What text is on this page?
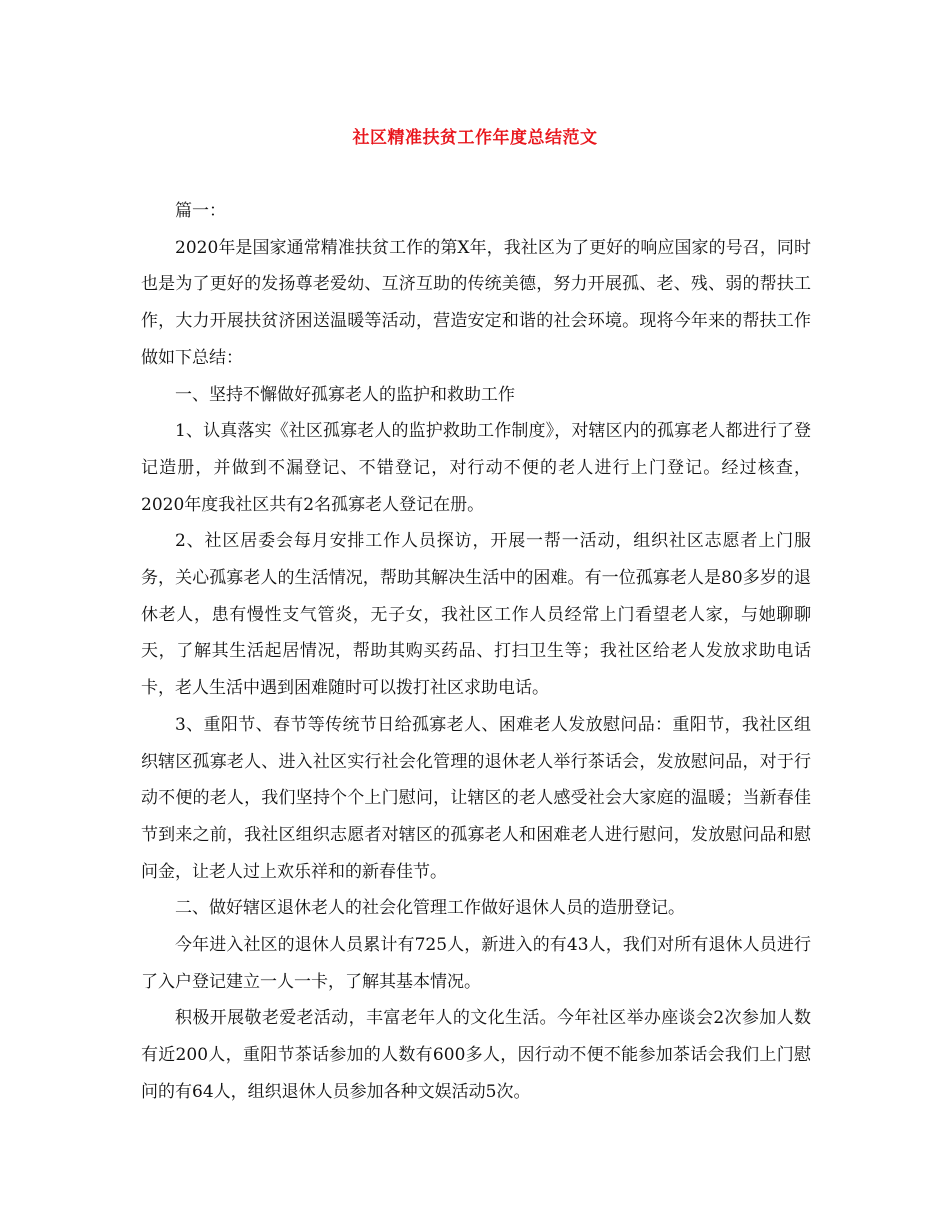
社区精准扶贫工作年度总结范文

篇一：

2020年是国家通常精准扶贫工作的第X年，我社区为了更好的响应国家的号召，同时也是为了更好的发扬尊老爱幼、互济互助的传统美德，努力开展孤、老、残、弱的帮扶工作，大力开展扶贫济困送温暖等活动，营造安定和谐的社会环境。现将今年来的帮扶工作做如下总结：

一、坚持不懈做好孤寡老人的监护和救助工作

1、认真落实《社区孤寡老人的监护救助工作制度》，对辖区内的孤寡老人都进行了登记造册，并做到不漏登记、不错登记，对行动不便的老人进行上门登记。经过核查，2020年度我社区共有2名孤寡老人登记在册。

2、社区居委会每月安排工作人员探访，开展一帮一活动，组织社区志愿者上门服务，关心孤寡老人的生活情况，帮助其解决生活中的困难。有一位孤寡老人是80多岁的退休老人，患有慢性支气管炎，无子女，我社区工作人员经常上门看望老人家，与她聊聊天，了解其生活起居情况，帮助其购买药品、打扫卫生等；我社区给老人发放求助电话卡，老人生活中遇到困难随时可以拨打社区求助电话。

3、重阳节、春节等传统节日给孤寡老人、困难老人发放慰问品：重阳节，我社区组织辖区孤寡老人、进入社区实行社会化管理的退休老人举行茶话会，发放慰问品，对于行动不便的老人，我们坚持个个上门慰问，让辖区的老人感受社会大家庭的温暖；当新春佳节到来之前，我社区组织志愿者对辖区的孤寡老人和困难老人进行慰问，发放慰问品和慰问金，让老人过上欢乐祥和的新春佳节。

二、做好辖区退休老人的社会化管理工作做好退休人员的造册登记。

今年进入社区的退休人员累计有725人，新进入的有43人，我们对所有退休人员进行了入户登记建立一人一卡，了解其基本情况。

积极开展敬老爱老活动，丰富老年人的文化生活。今年社区举办座谈会2次参加人数有近200人，重阳节茶话参加的人数有600多人，因行动不便不能参加茶话会我们上门慰问的有64人，组织退休人员参加各种文娱活动5次。
